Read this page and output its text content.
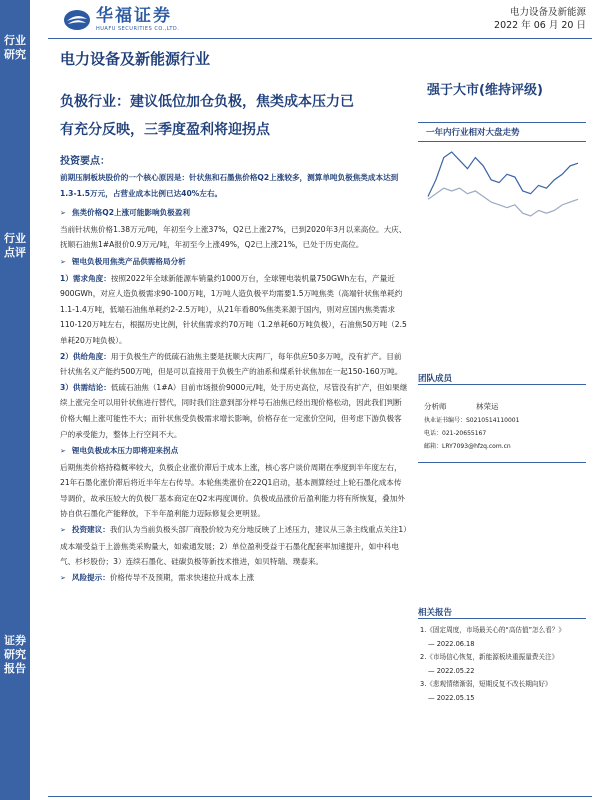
行业研究
行业点评
证券研究报告
华福证券
HUAFU SECURITIES CO.,LTD.
电力设备及新能源
2022 年 06 月 20 日
电力设备及新能源行业
负极行业：建议低位加仓负极，焦类成本压力已
有充分反映，三季度盈利将迎拐点
强于大市(维持评级)
一年内行业相对大盘走势
投资要点：

前期压制板块股价的一个核心原因是：针状焦和石墨焦价格Q2上涨较多，测算单吨负极焦类成本达到1.3-1.5万元，占营业成本比例已达40%左右。

➢ 焦类价格Q2上涨可能影响负极盈利

当前针状焦价格1.38万元/吨，年初至今上涨37%，Q2已上涨27%，已到2020年3月以来高位。大庆、抚顺石油焦1#A报价0.9万元/吨，年初至今上涨49%，Q2已上涨21%，已处于历史高位。

➢ 锂电负极用焦类产品供需格局分析

1）需求角度：按照2022年全球新能源车销量约1000万台，全球锂电装机量750GWh左右，产量近900GWh，对应人造负极需求90-100万吨，1万吨人造负极平均需要1.5万吨焦类（高端针状焦单耗约1.1-1.4万吨，低端石油焦单耗约2-2.5万吨），从21年看80%焦类来源于国内，则对应国内焦类需求110-120万吨左右，根据历史比例，针状焦需求约70万吨（1.2单耗60万吨负极），石油焦50万吨（2.5单耗20万吨负极）。

2）供给角度：用于负极生产的低硫石油焦主要是抚顺大庆两厂，每年供应50多万吨，没有扩产。目前针状焦名义产能约500万吨，但是可以直接用于负极生产的油系和煤系针状焦加在一起150-160万吨。

3）供需结论：低硫石油焦（1#A）目前市场报价9000元/吨，处于历史高位，尽管没有扩产，但如果继续上涨完全可以用针状焦进行替代，同时我们注意到部分样号石油焦已经出现价格松动，因此我们判断价格大幅上涨可能性不大；而针状焦受负极需求增长影响，价格存在一定涨价空间，但考虑下游负极客户的承受能力，整体上行空间不大。

➢ 锂电负极成本压力即将迎来拐点

后期焦类价格持稳概率较大，负极企业涨价滞后于成本上涨，核心客户谈价周期在季度到半年度左右，21年石墨化涨价滞后将近半年左右传导。本轮焦类涨价在22Q1启动，基本测算经过上轮石墨化成本传导调价，故承压较大的负极厂基本商定在Q2末再度调价。负极成品涨价后盈利能力将有所恢复，叠加外协自供石墨化产能释放，下半年盈利能力迈际修复会更明显。

➢ 投资建议：我们认为当前负极头部厂商股价较为充分地反映了上述压力，建议从三条主线重点关注1）成本端受益于上游焦类采购量大，如索通发展；2）单位盈利受益于石墨化配套率加速提升，如中科电气、杉杉股份；3）连续石墨化、硅碳负极等新技术推进，如贝特瑞、璞泰来。

➢ 风险提示：价格传导不及预期，需求快速拉升成本上涨

团队成员
分析师	林荣运
执业证书编号：S0210514110001
电话：021-20655167
邮箱：LRY7093@hfzq.com.cn
相关报告

1.《固定周度，市场最关心的“高估值”怎么看？》

— 2022.06.18

2.《市场信心恢复，新能源板块重振量费关注》

— 2022.05.22

3.《悲观情绪渐弱，短期反复不改长期向好》

— 2022.05.15
